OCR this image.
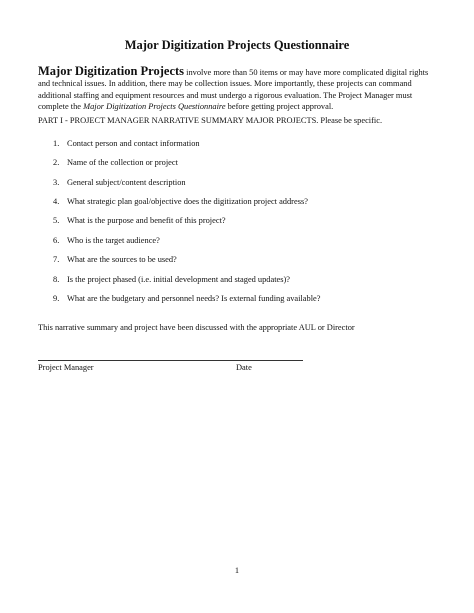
Major Digitization Projects Questionnaire
Major Digitization Projects involve more than 50 items or may have more complicated digital rights and technical issues. In addition, there may be collection issues. More importantly, these projects can command additional staffing and equipment resources and must undergo a rigorous evaluation. The Project Manager must complete the Major Digitization Projects Questionnaire before getting project approval.
PART I - PROJECT MANAGER NARRATIVE SUMMARY MAJOR PROJECTS. Please be specific.
1. Contact person and contact information
2. Name of the collection or project
3. General subject/content description
4. What strategic plan goal/objective does the digitization project address?
5. What is the purpose and benefit of this project?
6. Who is the target audience?
7. What are the sources to be used?
8. Is the project phased (i.e. initial development and staged updates)?
9. What are the budgetary and personnel needs? Is external funding available?
This narrative summary and project have been discussed with the appropriate AUL or Director
Project Manager	Date
1
